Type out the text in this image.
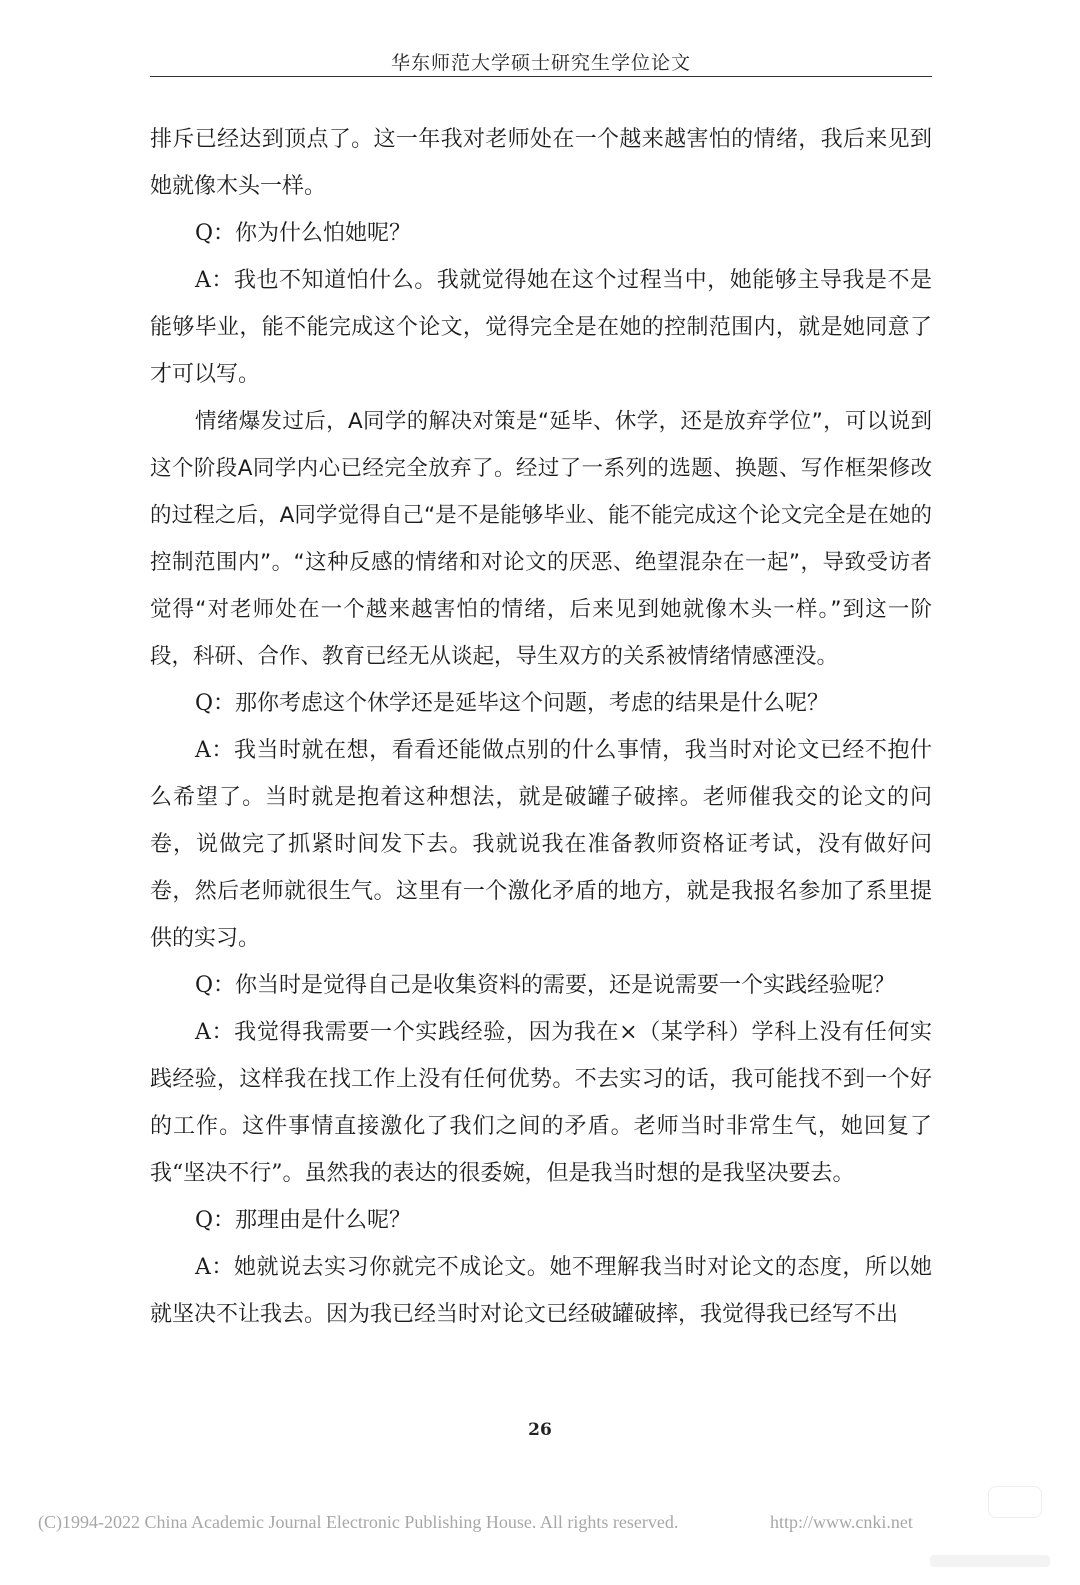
华东师范大学硕士研究生学位论文

排斥已经达到顶点了。这一年我对老师处在一个越来越害怕的情绪，我后来见到她就像木头一样。

Q：你为什么怕她呢？

A：我也不知道怕什么。我就觉得她在这个过程当中，她能够主导我是不是能够毕业，能不能完成这个论文，觉得完全是在她的控制范围内，就是她同意了才可以写。

情绪爆发过后，A同学的解决对策是“延毕、休学，还是放弃学位”，可以说到这个阶段A同学内心已经完全放弃了。经过了一系列的选题、换题、写作框架修改的过程之后，A同学觉得自己“是不是能够毕业、能不能完成这个论文完全是在她的控制范围内”。“这种反感的情绪和对论文的厌恶、绝望混杂在一起”，导致受访者觉得“对老师处在一个越来越害怕的情绪，后来见到她就像木头一样。”到这一阶段，科研、合作、教育已经无从谈起，导生双方的关系被情绪情感湮没。

Q：那你考虑这个休学还是延毕这个问题，考虑的结果是什么呢？

A：我当时就在想，看看还能做点别的什么事情，我当时对论文已经不抱什么希望了。当时就是抱着这种想法，就是破罐子破摔。老师催我交的论文的问卷，说做完了抓紧时间发下去。我就说我在准备教师资格证考试，没有做好问卷，然后老师就很生气。这里有一个激化矛盾的地方，就是我报名参加了系里提供的实习。

Q：你当时是觉得自己是收集资料的需要，还是说需要一个实践经验呢？

A：我觉得我需要一个实践经验，因为我在×（某学科）学科上没有任何实践经验，这样我在找工作上没有任何优势。不去实习的话，我可能找不到一个好的工作。这件事情直接激化了我们之间的矛盾。老师当时非常生气，她回复了我“坚决不行”。虽然我的表达的很委婉，但是我当时想的是我坚决要去。

Q：那理由是什么呢？

A：她就说去实习你就完不成论文。她不理解我当时对论文的态度，所以她就坚决不让我去。因为我已经当时对论文已经破罐破摔，我觉得我已经写不出

26
(C)1994-2022 China Academic Journal Electronic Publishing House. All rights reserved.	http://www.cnki.net
